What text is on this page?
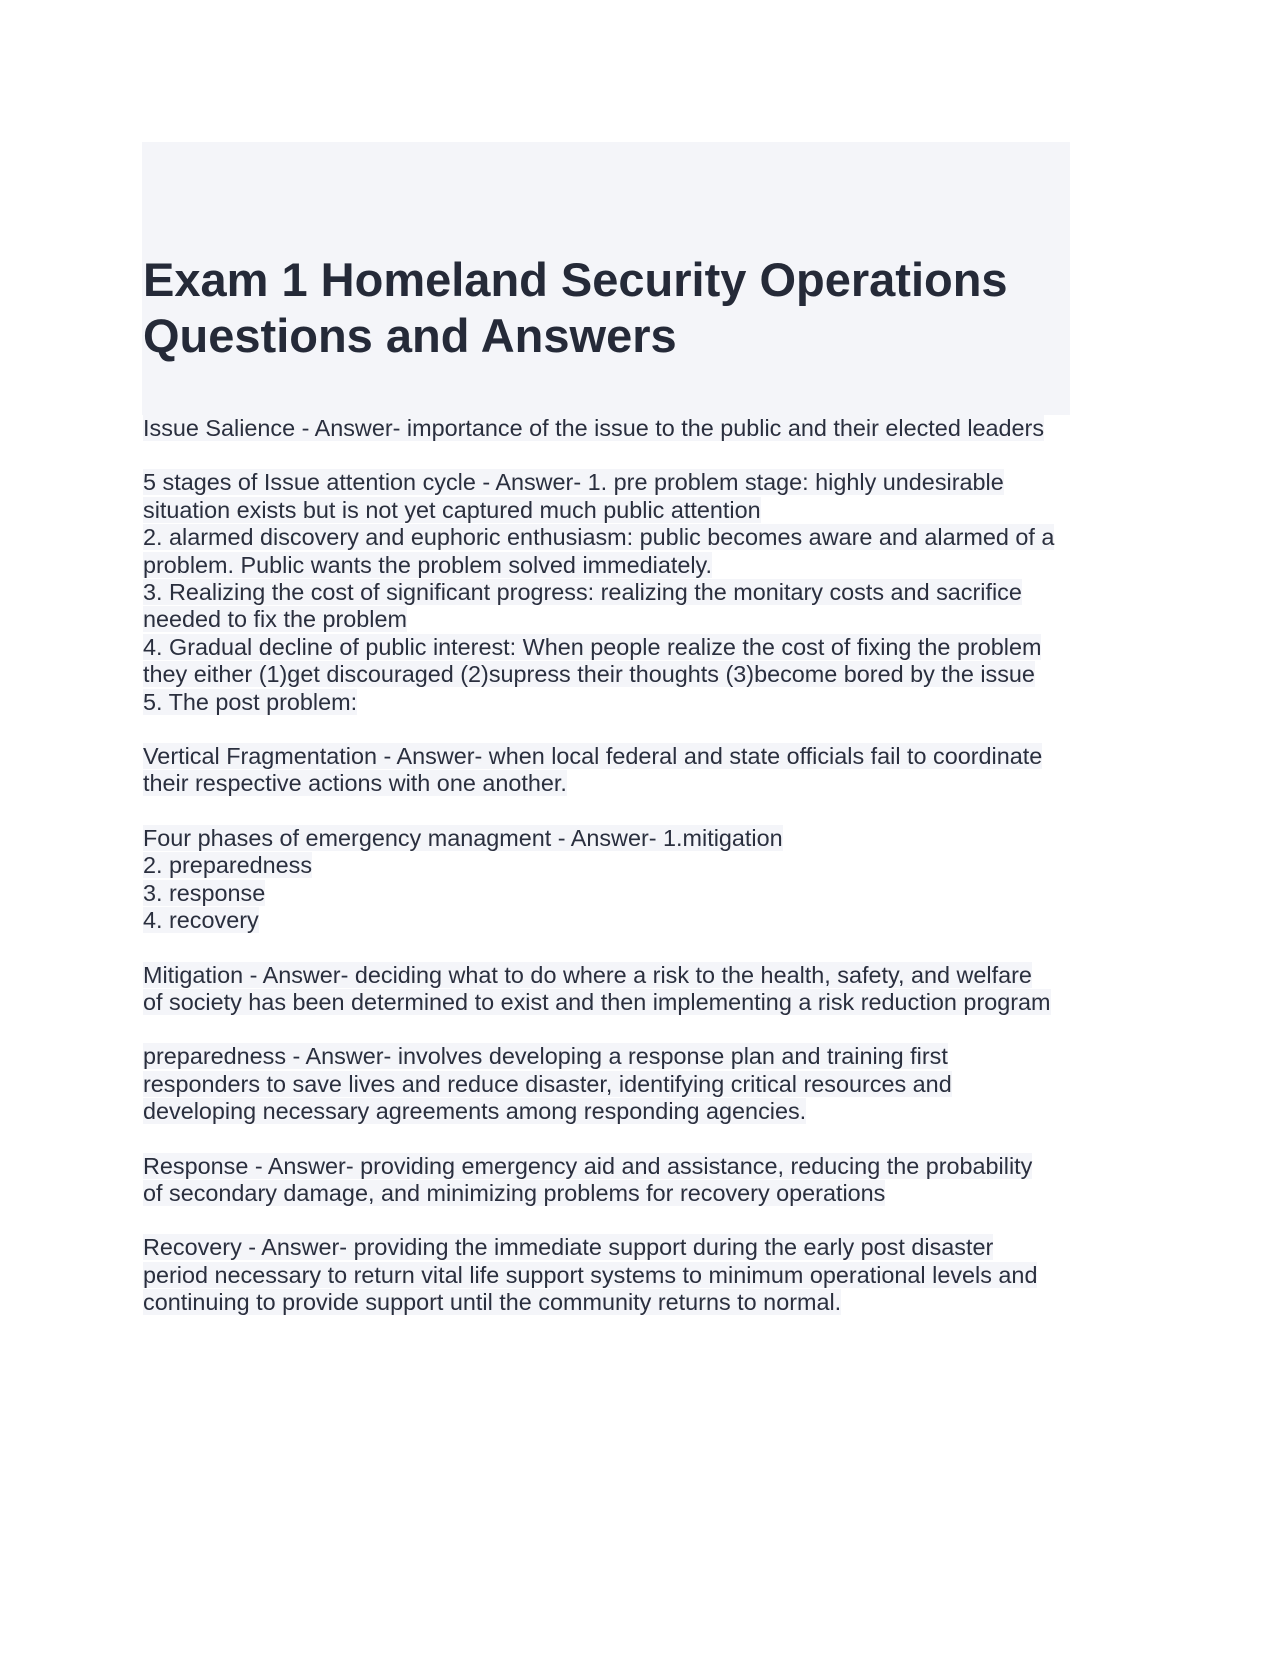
Exam 1 Homeland Security Operations
Questions and Answers
Issue Salience - Answer- importance of the issue to the public and their elected leaders
5 stages of Issue attention cycle - Answer- 1. pre problem stage: highly undesirable
situation exists but is not yet captured much public attention
2. alarmed discovery and euphoric enthusiasm: public becomes aware and alarmed of a
problem. Public wants the problem solved immediately.
3. Realizing the cost of significant progress: realizing the monitary costs and sacrifice
needed to fix the problem
4. Gradual decline of public interest: When people realize the cost of fixing the problem
they either (1)get discouraged (2)supress their thoughts (3)become bored by the issue
5. The post problem:
Vertical Fragmentation - Answer- when local federal and state officials fail to coordinate
their respective actions with one another.
Four phases of emergency managment - Answer- 1.mitigation
2. preparedness
3. response
4. recovery
Mitigation - Answer- deciding what to do where a risk to the health, safety, and welfare
of society has been determined to exist and then implementing a risk reduction program
preparedness - Answer- involves developing a response plan and training first
responders to save lives and reduce disaster, identifying critical resources and
developing necessary agreements among responding agencies.
Response - Answer- providing emergency aid and assistance, reducing the probability
of secondary damage, and minimizing problems for recovery operations
Recovery - Answer- providing the immediate support during the early post disaster
period necessary to return vital life support systems to minimum operational levels and
continuing to provide support until the community returns to normal.
